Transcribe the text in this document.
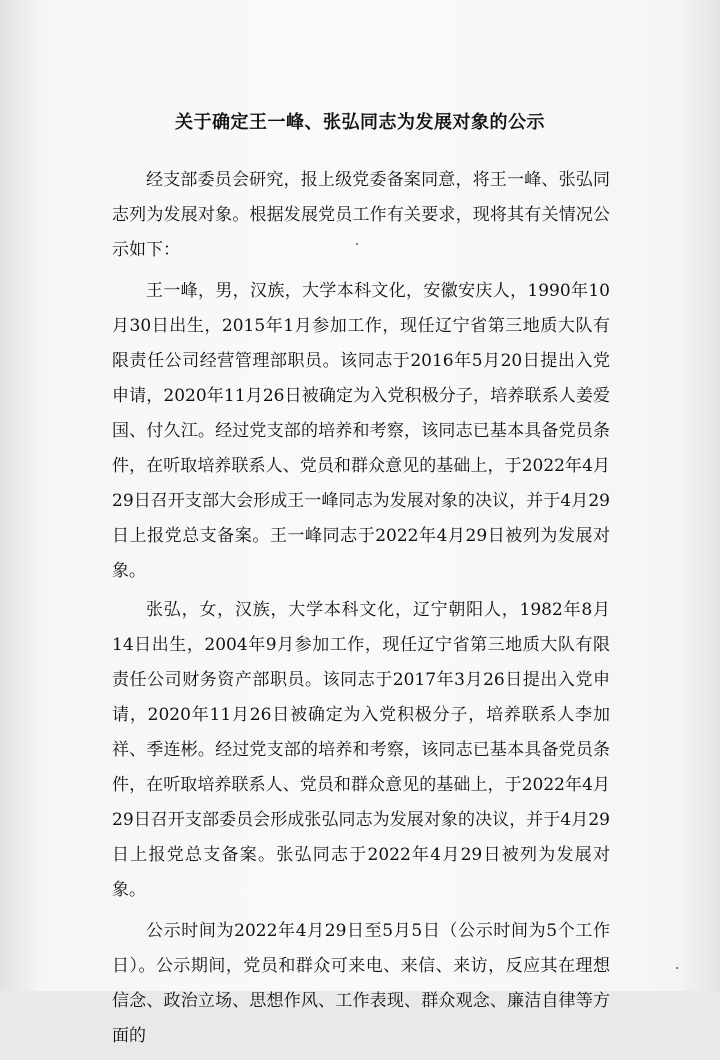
关于确定王一峰、张弘同志为发展对象的公示

经支部委员会研究，报上级党委备案同意，将王一峰、张弘同志列为发展对象。根据发展党员工作有关要求，现将其有关情况公示如下：

王一峰，男，汉族，大学本科文化，安徽安庆人，1990年10月30日出生，2015年1月参加工作，现任辽宁省第三地质大队有限责任公司经营管理部职员。该同志于2016年5月20日提出入党申请，2020年11月26日被确定为入党积极分子，培养联系人姜爱国、付久江。经过党支部的培养和考察，该同志已基本具备党员条件，在听取培养联系人、党员和群众意见的基础上，于2022年4月29日召开支部大会形成王一峰同志为发展对象的决议，并于4月29日上报党总支备案。王一峰同志于2022年4月29日被列为发展对象。

张弘，女，汉族，大学本科文化，辽宁朝阳人，1982年8月14日出生，2004年9月参加工作，现任辽宁省第三地质大队有限责任公司财务资产部职员。该同志于2017年3月26日提出入党申请，2020年11月26日被确定为入党积极分子，培养联系人李加祥、季连彬。经过党支部的培养和考察，该同志已基本具备党员条件，在听取培养联系人、党员和群众意见的基础上，于2022年4月29日召开支部委员会形成张弘同志为发展对象的决议，并于4月29日上报党总支备案。张弘同志于2022年4月29日被列为发展对象。

公示时间为2022年4月29日至5月5日（公示时间为5个工作日）。公示期间，党员和群众可来电、来信、来访，反应其在理想信念、政治立场、思想作风、工作表现、群众观念、廉洁自律等方面的
